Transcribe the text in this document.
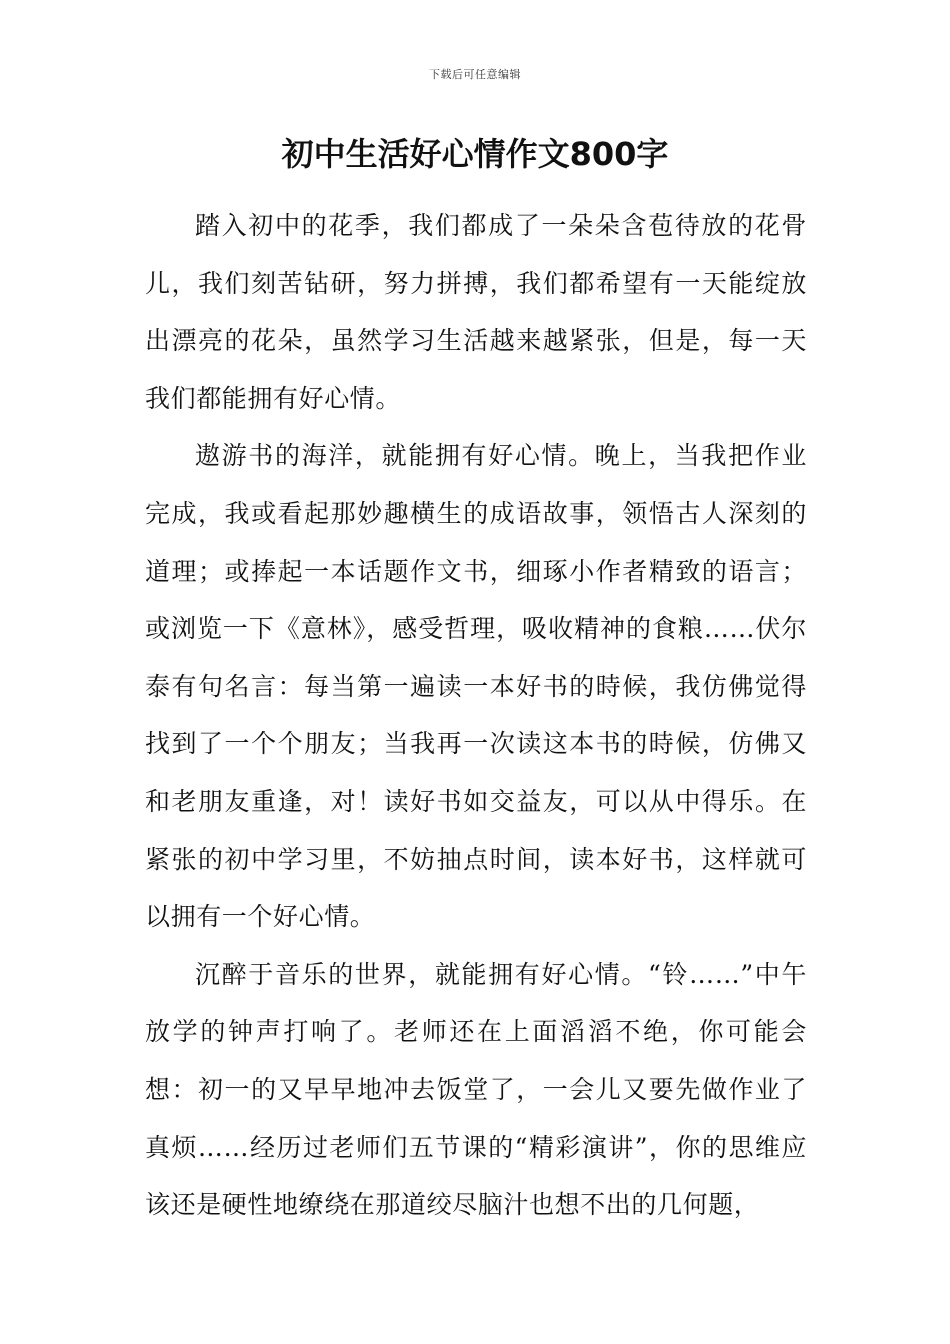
下载后可任意编辑
初中生活好心情作文800字

踏入初中的花季，我们都成了一朵朵含苞待放的花骨儿，我们刻苦钻研，努力拼搏，我们都希望有一天能绽放出漂亮的花朵，虽然学习生活越来越紧张，但是，每一天我们都能拥有好心情。

遨游书的海洋，就能拥有好心情。晚上，当我把作业完成，我或看起那妙趣横生的成语故事，领悟古人深刻的道理；或捧起一本话题作文书，细琢小作者精致的语言；或浏览一下《意林》，感受哲理，吸收精神的食粮……伏尔泰有句名言：每当第一遍读一本好书的時候，我仿佛觉得找到了一个个朋友；当我再一次读这本书的時候，仿佛又和老朋友重逢，对！读好书如交益友，可以从中得乐。在紧张的初中学习里，不妨抽点时间，读本好书，这样就可以拥有一个好心情。

沉醉于音乐的世界，就能拥有好心情。“铃……”中午放学的钟声打响了。老师还在上面滔滔不绝，你可能会想：初一的又早早地冲去饭堂了，一会儿又要先做作业了真烦……经历过老师们五节课的“精彩演讲”，你的思维应该还是硬性地缭绕在那道绞尽脑汁也想不出的几何题，
